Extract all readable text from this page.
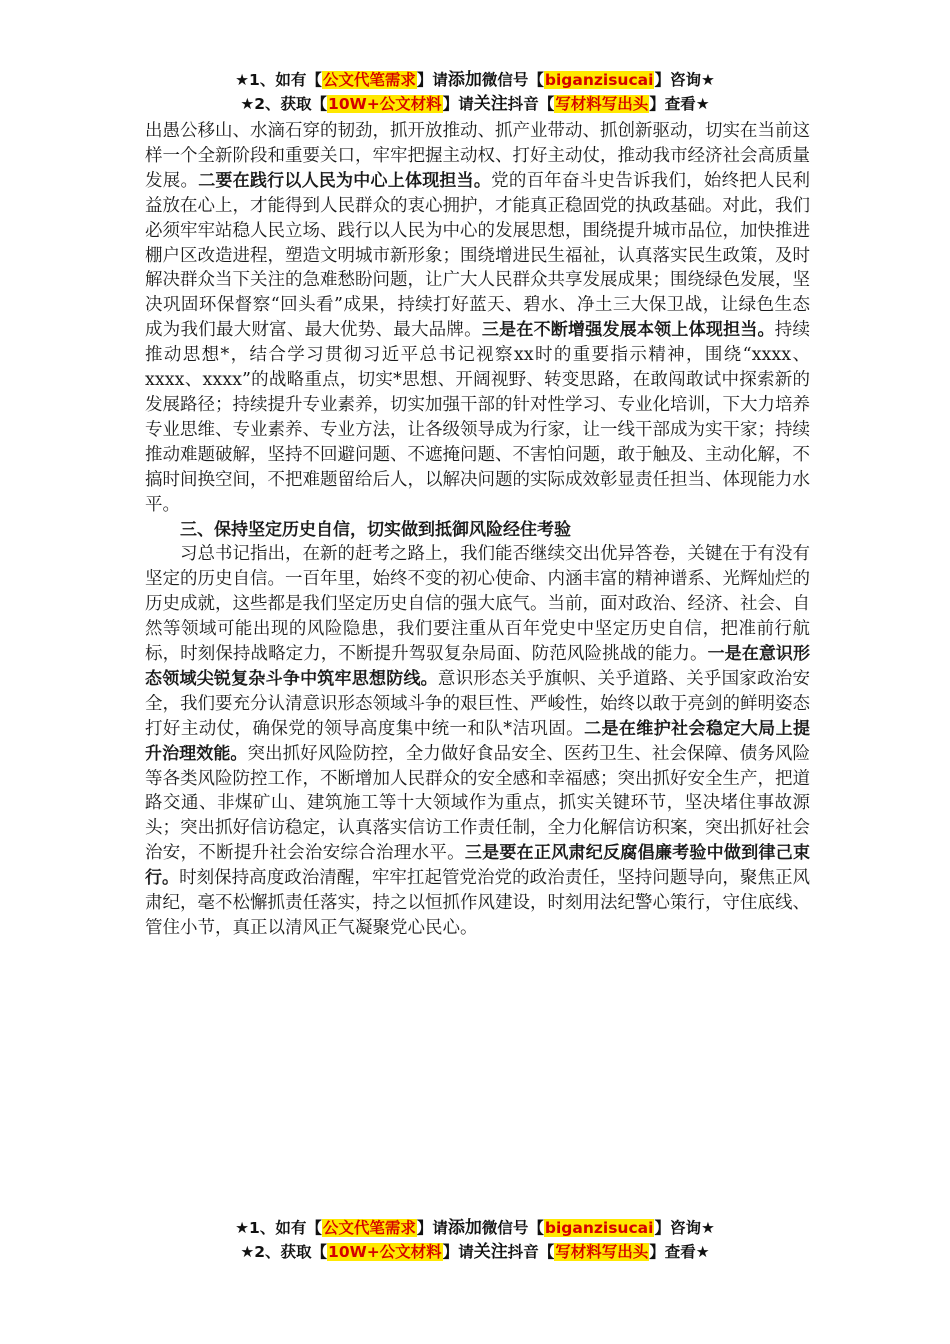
★1、如有【公文代笔需求】请添加微信号【biganzisucai】咨询★
★2、获取【10W+公文材料】请关注抖音【写材料写出头】查看★

出愚公移山、水滴石穿的韧劲，抓开放推动、抓产业带动、抓创新驱动，切实在当前这样一个全新阶段和重要关口，牢牢把握主动权、打好主动仗，推动我市经济社会高质量发展。二要在践行以人民为中心上体现担当。党的百年奋斗史告诉我们，始终把人民利益放在心上，才能得到人民群众的衷心拥护，才能真正稳固党的执政基础。对此，我们必须牢牢站稳人民立场、践行以人民为中心的发展思想，围绕提升城市品位，加快推进棚户区改造进程，塑造文明城市新形象；围绕增进民生福祉，认真落实民生政策，及时解决群众当下关注的急难愁盼问题，让广大人民群众共享发展成果；围绕绿色发展，坚决巩固环保督察“回头看”成果，持续打好蓝天、碧水、净土三大保卫战，让绿色生态成为我们最大财富、最大优势、最大品牌。三是在不断增强发展本领上体现担当。持续推动思想*，结合学习贯彻习近平总书记视察xx时的重要指示精神，围绕“xxxx、xxxx、xxxx”的战略重点，切实*思想、开阔视野、转变思路，在敢闯敢试中探索新的发展路径；持续提升专业素养，切实加强干部的针对性学习、专业化培训，下大力培养专业思维、专业素养、专业方法，让各级领导成为行家，让一线干部成为实干家；持续推动难题破解，坚持不回避问题、不遮掩问题、不害怕问题，敢于触及、主动化解，不搞时间换空间，不把难题留给后人，以解决问题的实际成效彰显责任担当、体现能力水平。

三、保持坚定历史自信，切实做到抵御风险经住考验

习总书记指出，在新的赶考之路上，我们能否继续交出优异答卷，关键在于有没有坚定的历史自信。一百年里，始终不变的初心使命、内涵丰富的精神谱系、光辉灿烂的历史成就，这些都是我们坚定历史自信的强大底气。当前，面对政治、经济、社会、自然等领域可能出现的风险隐患，我们要注重从百年党史中坚定历史自信，把准前行航标，时刻保持战略定力，不断提升驾驭复杂局面、防范风险挑战的能力。一是在意识形态领域尖锐复杂斗争中筑牢思想防线。意识形态关乎旗帜、关乎道路、关乎国家政治安全，我们要充分认清意识形态领域斗争的艰巨性、严峻性，始终以敢于亮剑的鲜明姿态打好主动仗，确保党的领导高度集中统一和队*洁巩固。二是在维护社会稳定大局上提升治理效能。突出抓好风险防控，全力做好食品安全、医药卫生、社会保障、债务风险等各类风险防控工作，不断增加人民群众的安全感和幸福感；突出抓好安全生产，把道路交通、非煤矿山、建筑施工等十大领域作为重点，抓实关键环节，坚决堵住事故源头；突出抓好信访稳定，认真落实信访工作责任制，全力化解信访积案，突出抓好社会治安，不断提升社会治安综合治理水平。三是要在正风肃纪反腐倡廉考验中做到律己束行。时刻保持高度政治清醒，牢牢扛起管党治党的政治责任，坚持问题导向，聚焦正风肃纪，毫不松懈抓责任落实，持之以恒抓作风建设，时刻用法纪警心策行，守住底线、管住小节，真正以清风正气凝聚党心民心。

★1、如有【公文代笔需求】请添加微信号【biganzisucai】咨询★
★2、获取【10W+公文材料】请关注抖音【写材料写出头】查看★
